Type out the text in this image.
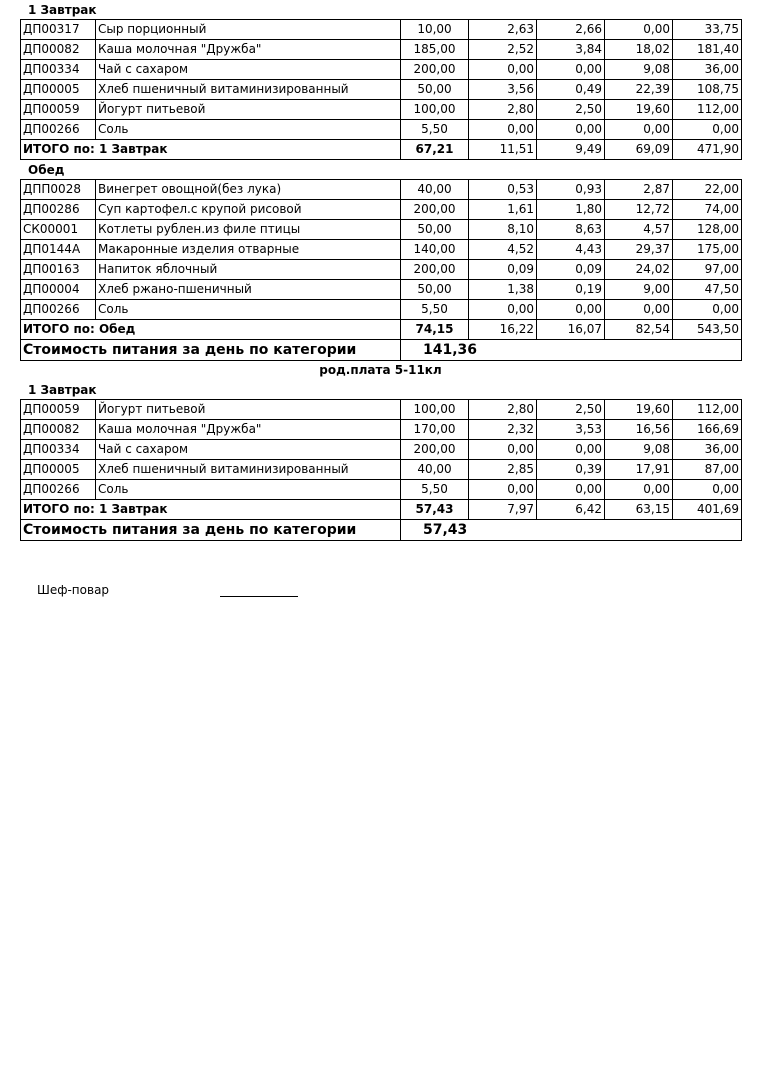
1 Завтрак
ДП00317	Сыр порционный	10,00	2,63	2,66	0,00	33,75
ДП00082	Каша молочная "Дружба"	185,00	2,52	3,84	18,02	181,40
ДП00334	Чай с сахаром	200,00	0,00	0,00	9,08	36,00
ДП00005	Хлеб пшеничный витаминизированный	50,00	3,56	0,49	22,39	108,75
ДП00059	Йогурт питьевой	100,00	2,80	2,50	19,60	112,00
ДП00266	Соль	5,50	0,00	0,00	0,00	0,00
ИТОГО по: 1 Завтрак		67,21	11,51	9,49	69,09	471,90
Обед
ДПП0028	Винегрет овощной(без лука)	40,00	0,53	0,93	2,87	22,00
ДП00286	Суп картофел.с крупой рисовой	200,00	1,61	1,80	12,72	74,00
СК00001	Котлеты рублен.из филе птицы	50,00	8,10	8,63	4,57	128,00
ДП0144А	Макаронные изделия отварные	140,00	4,52	4,43	29,37	175,00
ДП00163	Напиток яблочный	200,00	0,09	0,09	24,02	97,00
ДП00004	Хлеб ржано-пшеничный	50,00	1,38	0,19	9,00	47,50
ДП00266	Соль	5,50	0,00	0,00	0,00	0,00
ИТОГО по: Обед		74,15	16,22	16,07	82,54	543,50
Стоимость питания за день по категории		141,36				
род.плата 5-11кл
1 Завтрак
ДП00059	Йогурт питьевой	100,00	2,80	2,50	19,60	112,00
ДП00082	Каша молочная "Дружба"	170,00	2,32	3,53	16,56	166,69
ДП00334	Чай с сахаром	200,00	0,00	0,00	9,08	36,00
ДП00005	Хлеб пшеничный витаминизированный	40,00	2,85	0,39	17,91	87,00
ДП00266	Соль	5,50	0,00	0,00	0,00	0,00
ИТОГО по: 1 Завтрак		57,43	7,97	6,42	63,15	401,69
Стоимость питания за день по категории		57,43				
Шеф-повар
